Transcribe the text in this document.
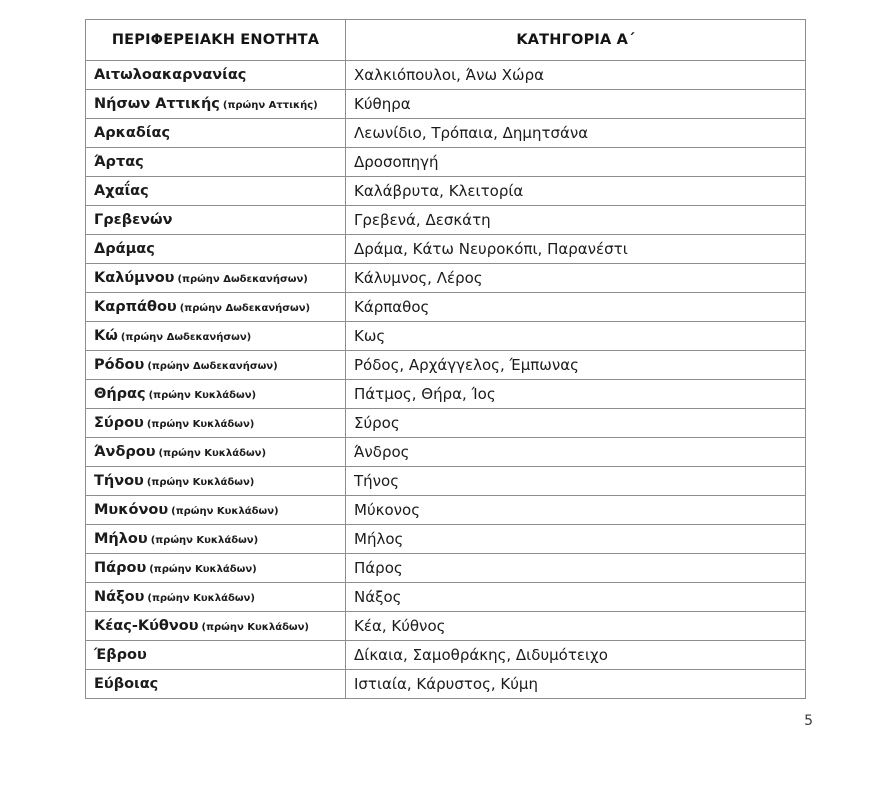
ΠΕΡΙΦΕΡΕΙΑΚΗ ΕΝΟΤΗΤΑ	ΚΑΤΗΓΟΡΙΑ Α΄
Αιτωλοακαρνανίας	Χαλκιόπουλοι, Άνω Χώρα
Νήσων Αττικής (πρώην Αττικής)	Κύθηρα
Αρκαδίας	Λεωνίδιο, Τρόπαια, Δημητσάνα
Άρτας	Δροσοπηγή
Αχαΐας	Καλάβρυτα, Κλειτορία
Γρεβενών	Γρεβενά, Δεσκάτη
Δράμας	Δράμα, Κάτω Νευροκόπι, Παρανέστι
Καλύμνου (πρώην Δωδεκανήσων)	Κάλυμνος, Λέρος
Καρπάθου (πρώην Δωδεκανήσων)	Κάρπαθος
Κώ (πρώην Δωδεκανήσων)	Κως
Ρόδου (πρώην Δωδεκανήσων)	Ρόδος, Αρχάγγελος, Έμπωνας
Θήρας (πρώην Κυκλάδων)	Πάτμος, Θήρα, Ίος
Σύρου (πρώην Κυκλάδων)	Σύρος
Άνδρου (πρώην Κυκλάδων)	Άνδρος
Τήνου (πρώην Κυκλάδων)	Τήνος
Μυκόνου (πρώην Κυκλάδων)	Μύκονος
Μήλου (πρώην Κυκλάδων)	Μήλος
Πάρου (πρώην Κυκλάδων)	Πάρος
Νάξου (πρώην Κυκλάδων)	Νάξος
Κέας-Κύθνου (πρώην Κυκλάδων)	Κέα, Κύθνος
Έβρου	Δίκαια, Σαμοθράκης, Διδυμότειχο
Εύβοιας	Ιστιαία, Κάρυστος, Κύμη
5
